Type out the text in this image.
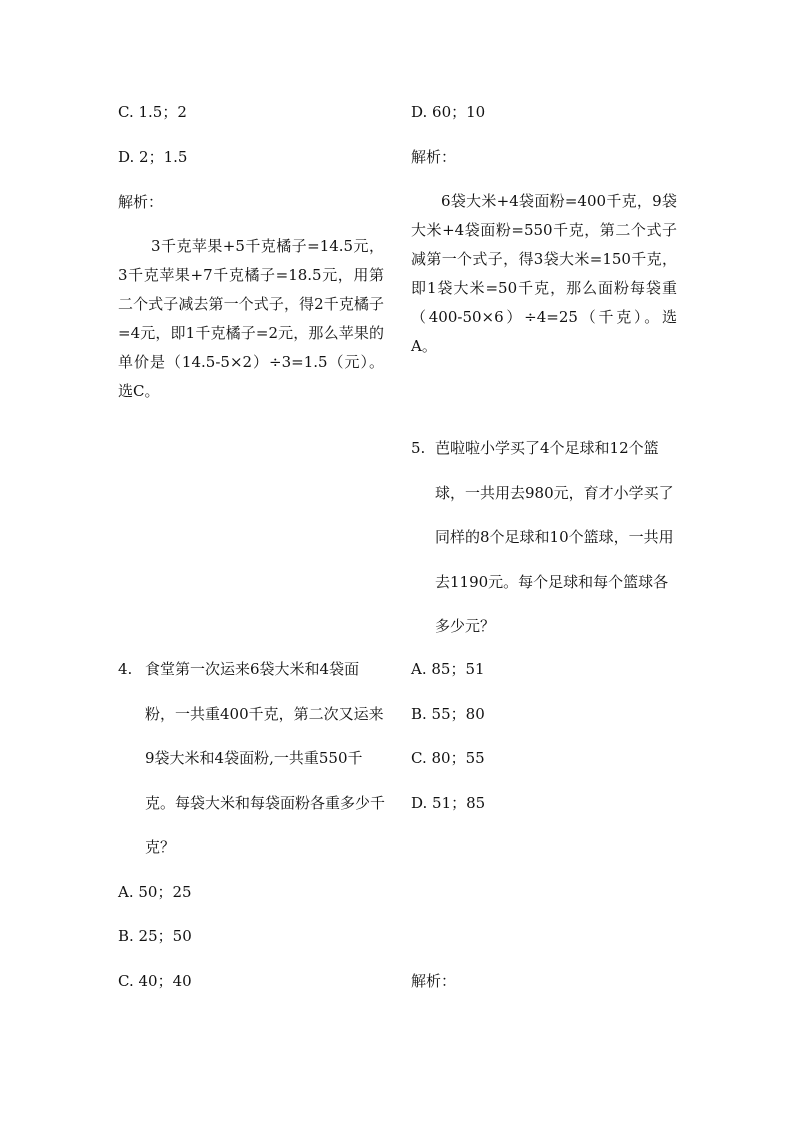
C. 1.5；2
D. 2；1.5
解析：
3千克苹果+5千克橘子=14.5元，3千克苹果+7千克橘子=18.5元，用第二个式子减去第一个式子，得2千克橘子=4元，即1千克橘子=2元，那么苹果的单价是（14.5-5×2）÷3=1.5（元）。选C。
4. 食堂第一次运来6袋大米和4袋面粉，一共重400千克，第二次又运来9袋大米和4袋面粉,一共重550千克。每袋大米和每袋面粉各重多少千克？
A. 50；25
B. 25；50
C. 40；40
D. 60；10
解析：
6袋大米+4袋面粉=400千克，9袋大米+4袋面粉=550千克，第二个式子减第一个式子，得3袋大米=150千克，即1袋大米=50千克，那么面粉每袋重（400-50×6）÷4=25（千克）。选A。
5. 芭啦啦小学买了4个足球和12个篮球，一共用去980元，育才小学买了同样的8个足球和10个篮球，一共用去1190元。每个足球和每个篮球各多少元？
A. 85；51
B. 55；80
C. 80；55
D. 51；85
解析：
